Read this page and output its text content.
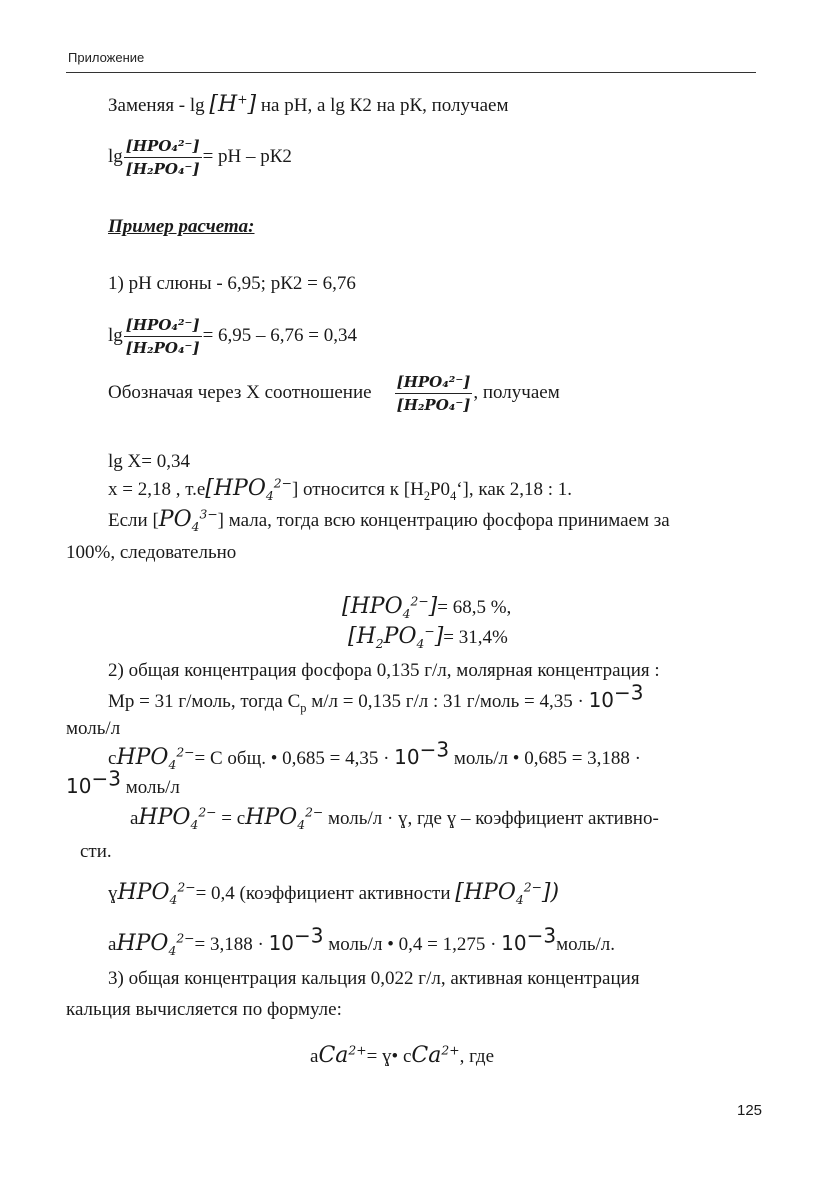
Приложение
Заменяя - lg [H+] на рН, а lg К2 на рК, получаем
$\lg \frac{\text{[HPO₄²⁻]}}{\text{[H₂PO₄⁻]}}$ = рН – рК2
Пример расчета:
1) рН слюны - 6,95; рК2 = 6,76
$\lg \frac{\text{[HPO₄²⁻]}}{\text{[H₂PO₄⁻]}} = 6,95 - 6,76 = 0,34$
Обозначая через Х соотношение $\frac{\text{[HPO₄²⁻]}}{\text{[H₂PO₄⁻]}}$ , получаем
lg X= 0,34
x = 2,18 , $т.е[HPO_4^{2-}]$ относится к $[H_2P0_4‘]$, как 2,18 : 1.
Если $[PO_4^{3-}]$ мала, тогда всю концентрацию фосфора принимаем за
100%, следовательно
$[HPO_4^{2-}]= 68,5$ %,
$[H_2PO_4^-]= 31,4\%$
2) общая концентрация фосфора 0,135 г/л, молярная концентрация :
Мр = 31 г/моль, тогда $С_р$ м/л = 0,135 г/л : 31 г/моль = $4,35 \cdot 10^{-3}$
моль/л
cHPO$_4^{2-}$= C общ. • $0,685 = 4,35 \cdot 10^{-3}$ моль/л • 0,685 = 3,188 ·
$10^{-3}$ моль/л
aHPO$_4^{2-}$ = cHPO$_4^{2-}$ моль/л · ɣ, где ɣ – коэффициент активно-
сти.
ɣHPO$_4^{2-}$= 0,4 (коэффициент активности $[HPO_4^{2-}]$)
aHPO$_4^{2-}$= $3,188 \cdot 10^{-3}$ моль/л • $0,4 = 1,275 \cdot 10^{-3}моль/л$.
3) общая концентрация кальция 0,022 г/л, активная концентрация
кальция вычисляется по формуле:
aCa$^{2+}$= ɣ• cCa$^{2+}$, где
125
